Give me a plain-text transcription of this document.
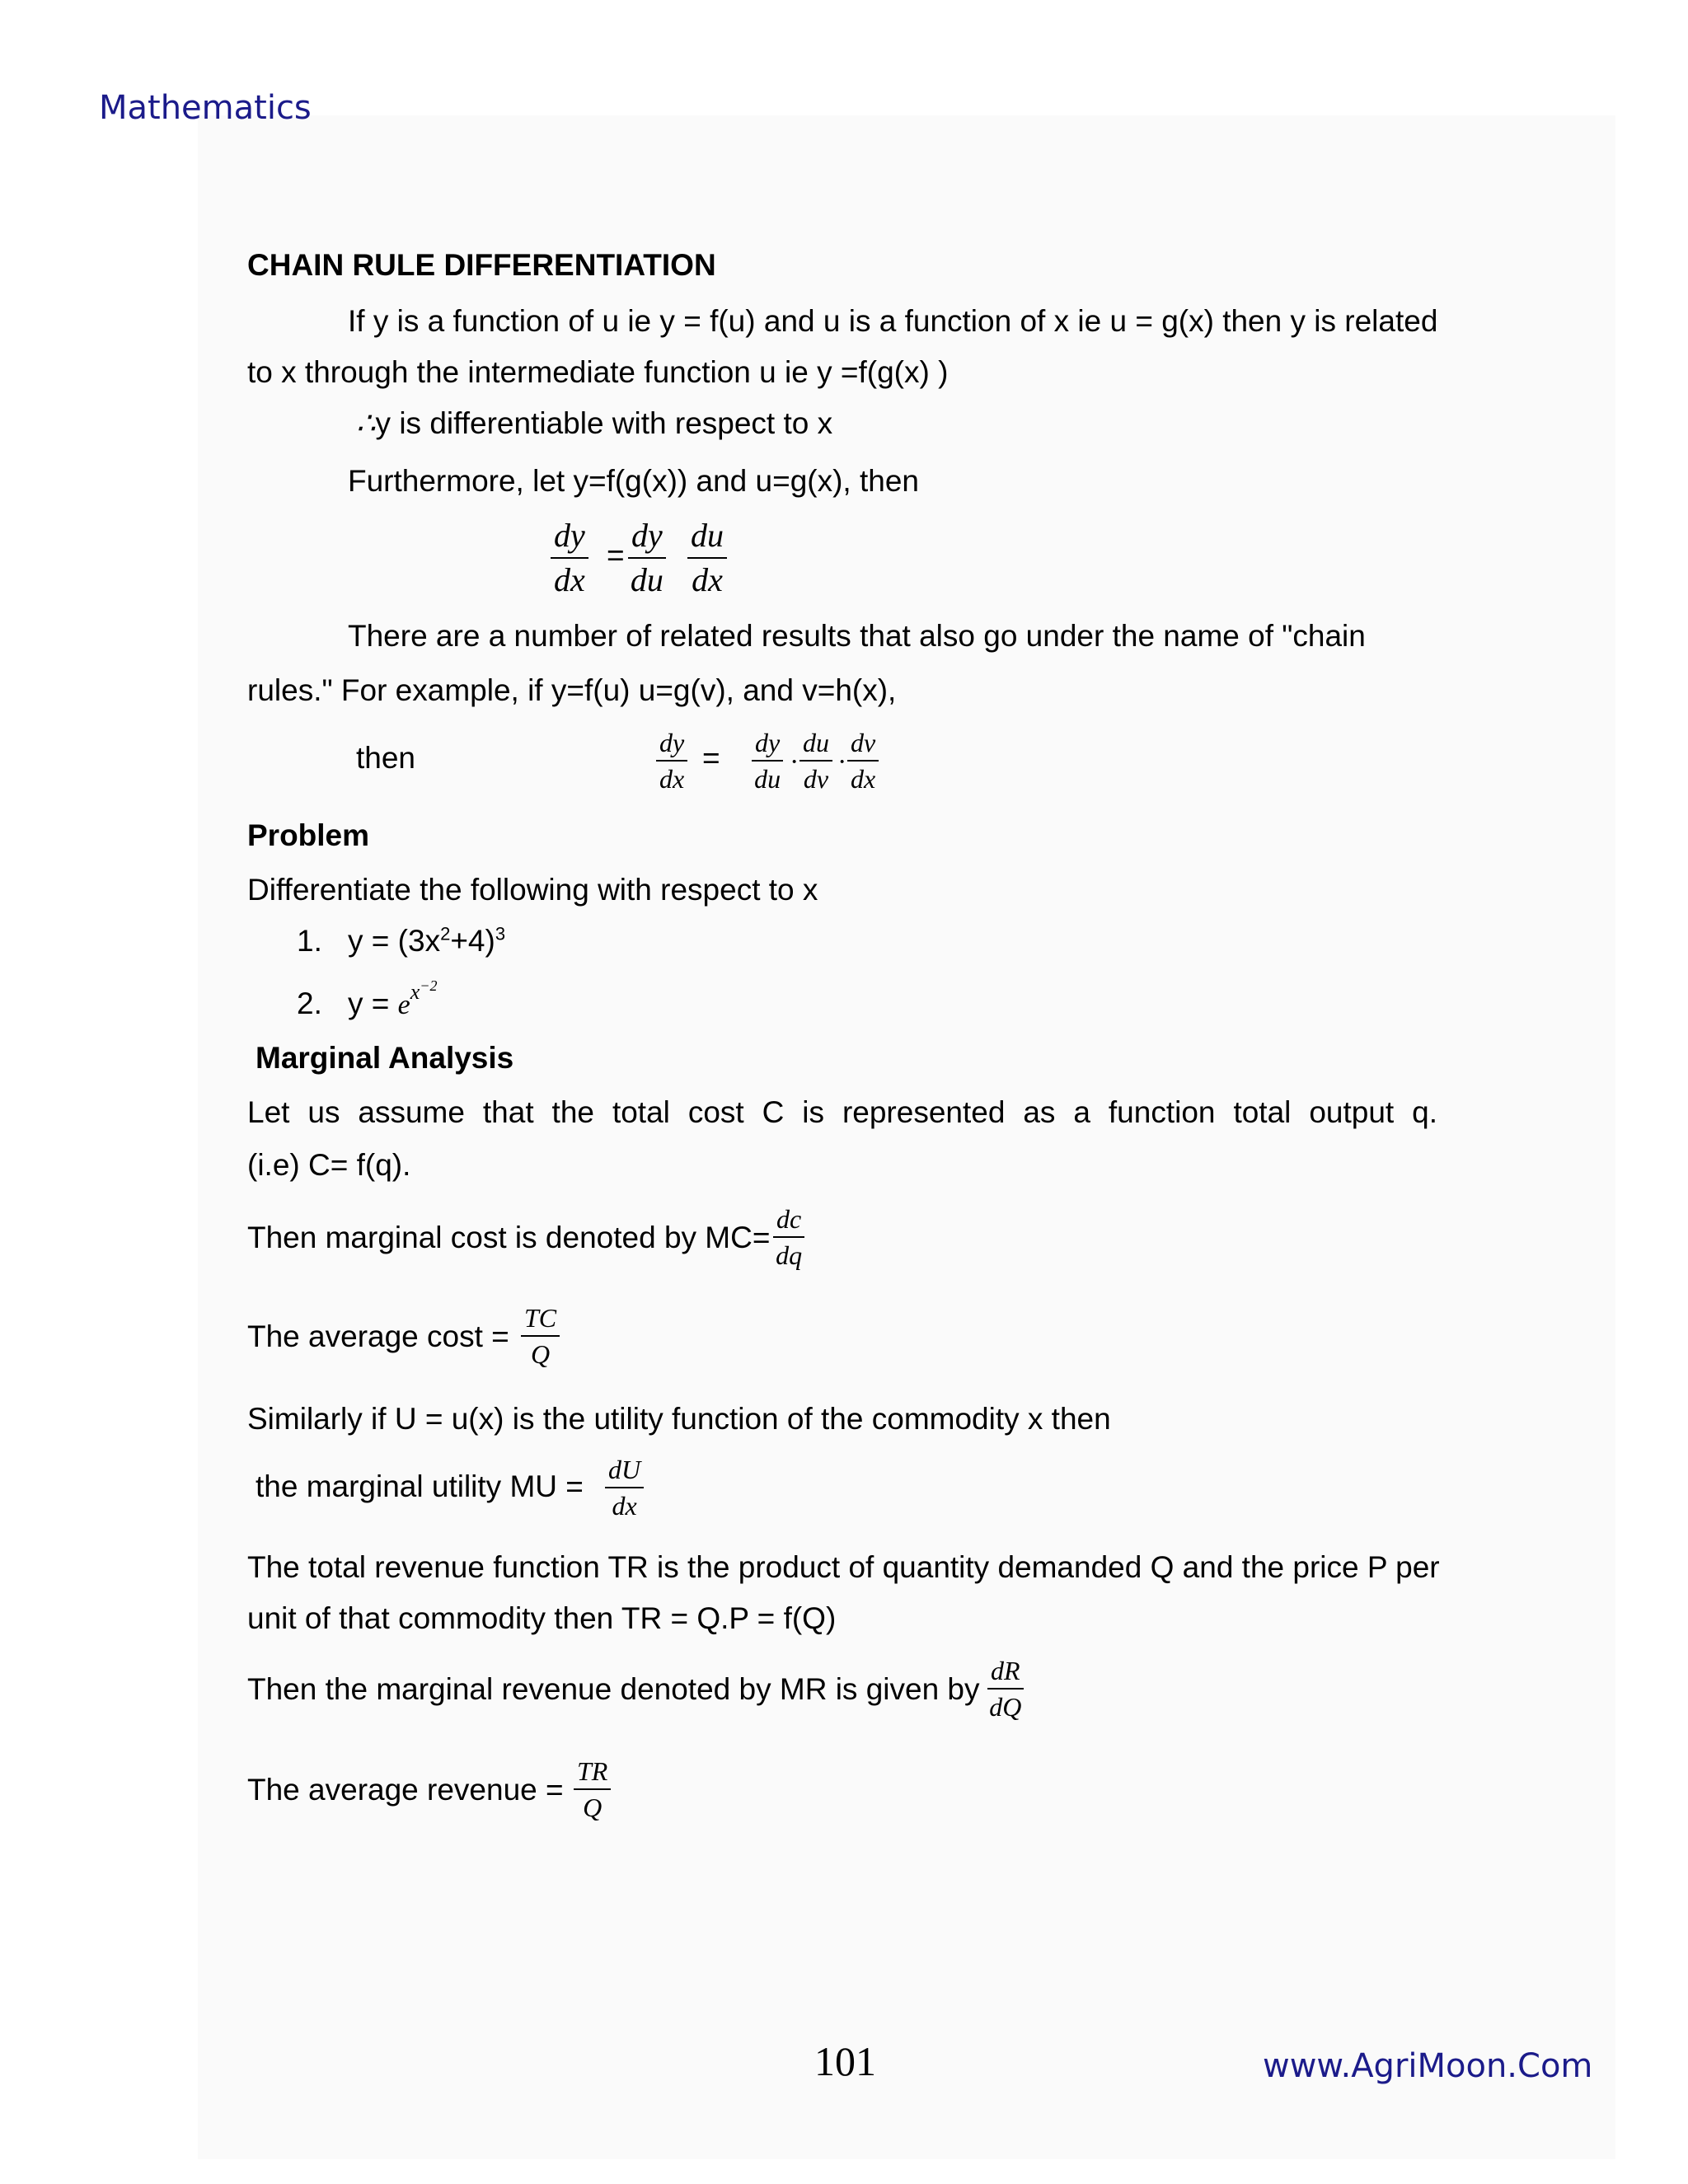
Mathematics
CHAIN RULE DIFFERENTIATION
If y is a function of u ie y = f(u) and u is a function of x ie u = g(x) then y is related
to x through the intermediate function u ie y =f(g(x) )
∴y is differentiable with respect to x
Furthermore, let y=f(g(x)) and u=g(x), then
$\frac{dy}{dx} = \frac{dy}{du} \frac{du}{dx}$
There are a number of related results that also go under the name of "chain
rules." For example, if y=f(u) u=g(v), and v=h(x),
then	$\frac{dy}{dx} = \frac{dy}{du} \cdot \frac{du}{dv} \cdot \frac{dv}{dx}$
Problem
Differentiate the following with respect to x
1. $y = (3x^2+4)^3$
2. $y = e^{x-2}$
Marginal Analysis
Let us assume that the total cost C is represented as a function total output q.
(i.e) C= f(q).
Then marginal cost is denoted by $MC= \frac{dc}{dq}$
The average $\cos t = \frac{TC}{Q}$
Similarly if U = u(x) is the utility function of the commodity x then
the marginal utility MU = $\frac{dU}{dx}$
The total revenue function TR is the product of quantity demanded Q and the price P per
unit of that commodity then TR = Q.P = f(Q)
Then the marginal revenue denoted by MR is given by $\frac{dR}{dQ}$
The average revenue = $\frac{TR}{Q}$
101	www.AgriMoon.Com
